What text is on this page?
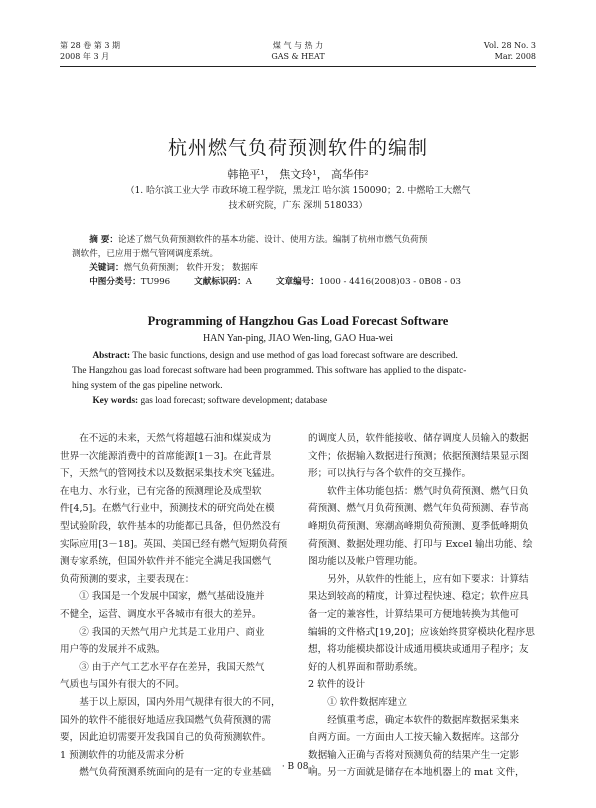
第 28 卷 第 3 期
2008 年 3 月
煤 气 与 热 力
GAS & HEAT
Vol. 28 No. 3
Mar. 2008
杭州燃气负荷预测软件的编制
韩艳平¹， 焦文玲¹， 高华伟²
（1. 哈尔滨工业大学 市政环境工程学院，黑龙江 哈尔滨 150090；2. 中燃哈工大燃气
技术研究院，广东 深圳 518033）
摘 要：论述了燃气负荷预测软件的基本功能、设计、使用方法。编制了杭州市燃气负荷预
测软件，已应用于燃气管网调度系统。
关键词：燃气负荷预测； 软件开发； 数据库
中图分类号：TU996	文献标识码：A	文章编号：1000 - 4416(2008)03 - 0B08 - 03
Programming of Hangzhou Gas Load Forecast Software
HAN Yan-ping, JIAO Wen-ling, GAO Hua-wei
Abstract: The basic functions, design and use method of gas load forecast software are described.
The Hangzhou gas load forecast software had been programmed. This software has applied to the dispatc-
hing system of the gas pipeline network.
Key words: gas load forecast; software development; database

在不远的未来，天然气将超越石油和煤炭成为

世界一次能源消费中的首席能源[1－3]。在此背景

下，天然气的管网技术以及数据采集技术突飞猛进。

在电力、水行业，已有完备的预测理论及成型软

件[4,5]。在燃气行业中，预测技术的研究尚处在模

型试验阶段，软件基本的功能都已具备，但仍然没有

实际应用[3－18]。英国、美国已经有燃气短期负荷预

测专家系统，但国外软件并不能完全满足我国燃气

负荷预测的要求，主要表现在：

① 我国是一个发展中国家，燃气基础设施并

不健全，运营、调度水平各城市有很大的差异。

② 我国的天然气用户尤其是工业用户、商业

用户等的发展并不成熟。

③ 由于产气工艺水平存在差异，我国天然气

气质也与国外有很大的不同。

基于以上原因，国内外用气规律有很大的不同，

国外的软件不能很好地适应我国燃气负荷预测的需

要，因此迫切需要开发我国自己的负荷预测软件。

1 预测软件的功能及需求分析

燃气负荷预测系统面向的是有一定的专业基础

的调度人员，软件能接收、储存调度人员输入的数据

文件；依据输入数据进行预测；依据预测结果显示图

形；可以执行与各个软件的交互操作。

软件主体功能包括：燃气时负荷预测、燃气日负

荷预测、燃气月负荷预测、燃气年负荷预测、春节高

峰期负荷预测、寒潮高峰期负荷预测、夏季低峰期负

荷预测、数据处理功能、打印与 Excel 输出功能、绘

图功能以及帐户管理功能。

另外，从软件的性能上，应有如下要求：计算结

果达到较高的精度，计算过程快速、稳定；软件应具

备一定的兼容性，计算结果可方便地转换为其他可

编辑的文件格式[19,20]；应该始终贯穿模块化程序思

想，将功能模块都设计成通用模块或通用子程序；友

好的人机界面和帮助系统。

2 软件的设计

① 软件数据库建立

经慎重考虑，确定本软件的数据库数据采集来

自两方面。一方面由人工按天输入数据库。这部分

数据输入正确与否将对预测负荷的结果产生一定影

响。另一方面就是储存在本地机器上的 mat 文件，

· B 08 ·
